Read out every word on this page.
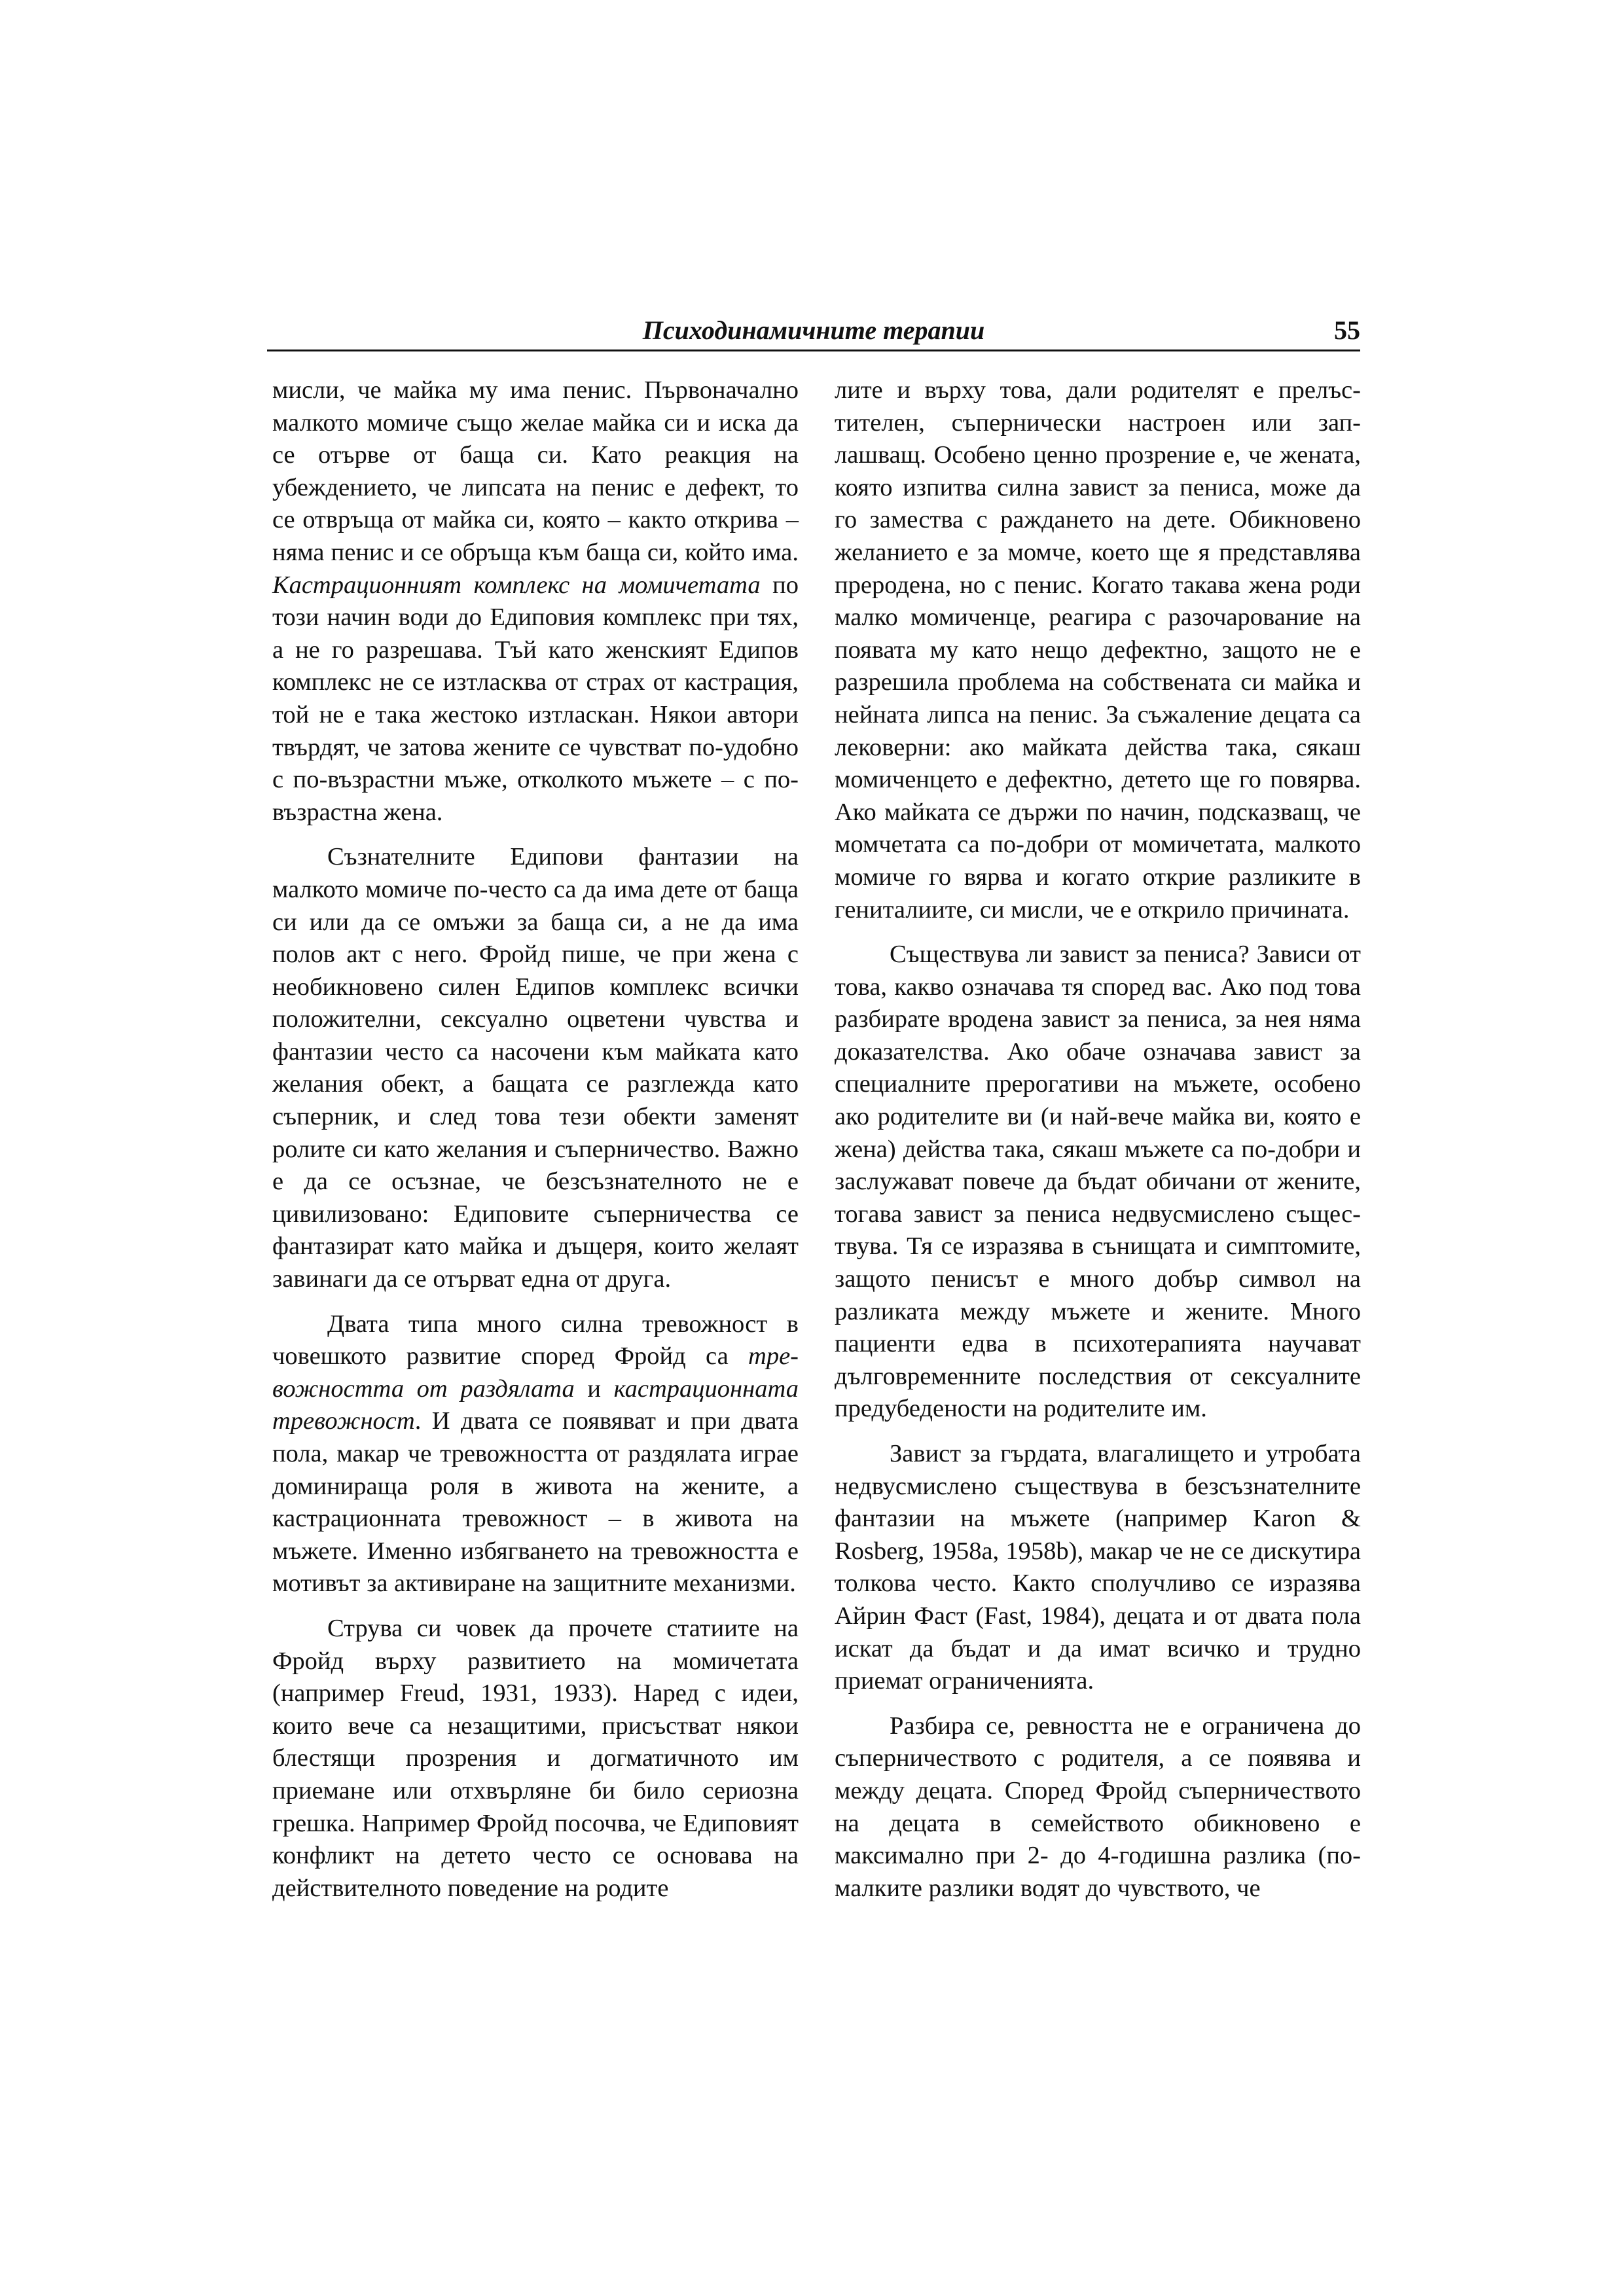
Психодинамичните терапии	55

мисли, че майка му има пенис. Първоначално малкото момиче също желае майка си и иска да се отърве от баща си. Като реакция на убеждението, че липсата на пенис е дефект, то се отвръща от майка си, която – както открива – няма пенис и се обръща към баща си, който има. Кастрационният комплекс на момичетата по този начин води до Едиповия комплекс при тях, а не го разрешава. Тъй като женският Едипов комплекс не се изтласква от страх от кастрация, той не е така жестоко изтласкан. Някои автори твърдят, че затова жените се чувстват по-удобно с по-възрастни мъже, отколкото мъжете – с по-възрастна жена.

Съзнателните Едипови фантазии на малкото момиче по-често са да има дете от баща си или да се омъжи за баща си, а не да има полов акт с него. Фройд пише, че при жена с необикновено силен Едипов комплекс всички положителни, сексуално оцветени чувства и фантазии често са насочени към майката като желания обект, а бащата се разглежда като съперник, и след това тези обекти заменят ролите си като желания и съперничество. Важно е да се осъзнае, че безсъзнателното не е цивилизовано: Едиповите съперничества се фантазират като майка и дъщеря, които желаят завинаги да се отърват една от друга.

Двата типа много силна тревожност в човешкото развитие според Фройд са тревожността от раздялата и кастрационната тревожност. И двата се появяват и при двата пола, макар че тревожността от раздялата играе доминираща роля в живота на жените, а кастрационната тревожност – в живота на мъжете. Именно избягването на тревожността е мотивът за активиране на защитните механизми.

Струва си човек да прочете статиите на Фройд върху развитието на момичетата (например Freud, 1931, 1933). Наред с идеи, които вече са незащитими, присъстват някои блестящи прозрения и догматичното им приемане или отхвърляне би било сериозна грешка. Например Фройд посочва, че Едиповият конфликт на детето често се основава на действителното поведение на родите

лите и върху това, дали родителят е прелъстителен, съпернически настроен или заплашващ. Особено ценно прозрение е, че жената, която изпитва силна завист за пениса, може да го замества с раждането на дете. Обикновено желанието е за момче, което ще я представлява преродена, но с пенис. Когато такава жена роди малко момиченце, реагира с разочарование на появата му като нещо дефектно, защото не е разрешила проблема на собствената си майка и нейната липса на пенис. За съжаление децата са лековерни: ако майката действа така, сякаш момиченцето е дефектно, детето ще го повярва. Ако майката се държи по начин, подсказващ, че момчетата са по-добри от момичетата, малкото момиче го вярва и когато открие разликите в гениталиите, си мисли, че е открило причината.

Съществува ли завист за пениса? Зависи от това, какво означава тя според вас. Ако под това разбирате вродена завист за пениса, за нея няма доказателства. Ако обаче означава завист за специалните прерогативи на мъжете, особено ако родителите ви (и най-вече майка ви, която е жена) действа така, сякаш мъжете са по-добри и заслужават повече да бъдат обичани от жените, тогава завист за пениса недвусмислено съществува. Тя се изразява в сънищата и симптомите, защото пенисът е много добър символ на разликата между мъжете и жените. Много пациенти едва в психотерапията научават дълговременните последствия от сексуалните предубедености на родителите им.

Завист за гърдата, влагалището и утробата недвусмислено съществува в безсъзнателните фантазии на мъжете (например Karon & Rosberg, 1958a, 1958b), макар че не се дискутира толкова често. Както сполучливо се изразява Айрин Фаст (Fast, 1984), децата и от двата пола искат да бъдат и да имат всичко и трудно приемат ограниченията.

Разбира се, ревността не е ограничена до съперничеството с родителя, а се появява и между децата. Според Фройд съперничеството на децата в семейството обикновено е максимално при 2- до 4-годишна разлика (по-малките разлики водят до чувството, че
